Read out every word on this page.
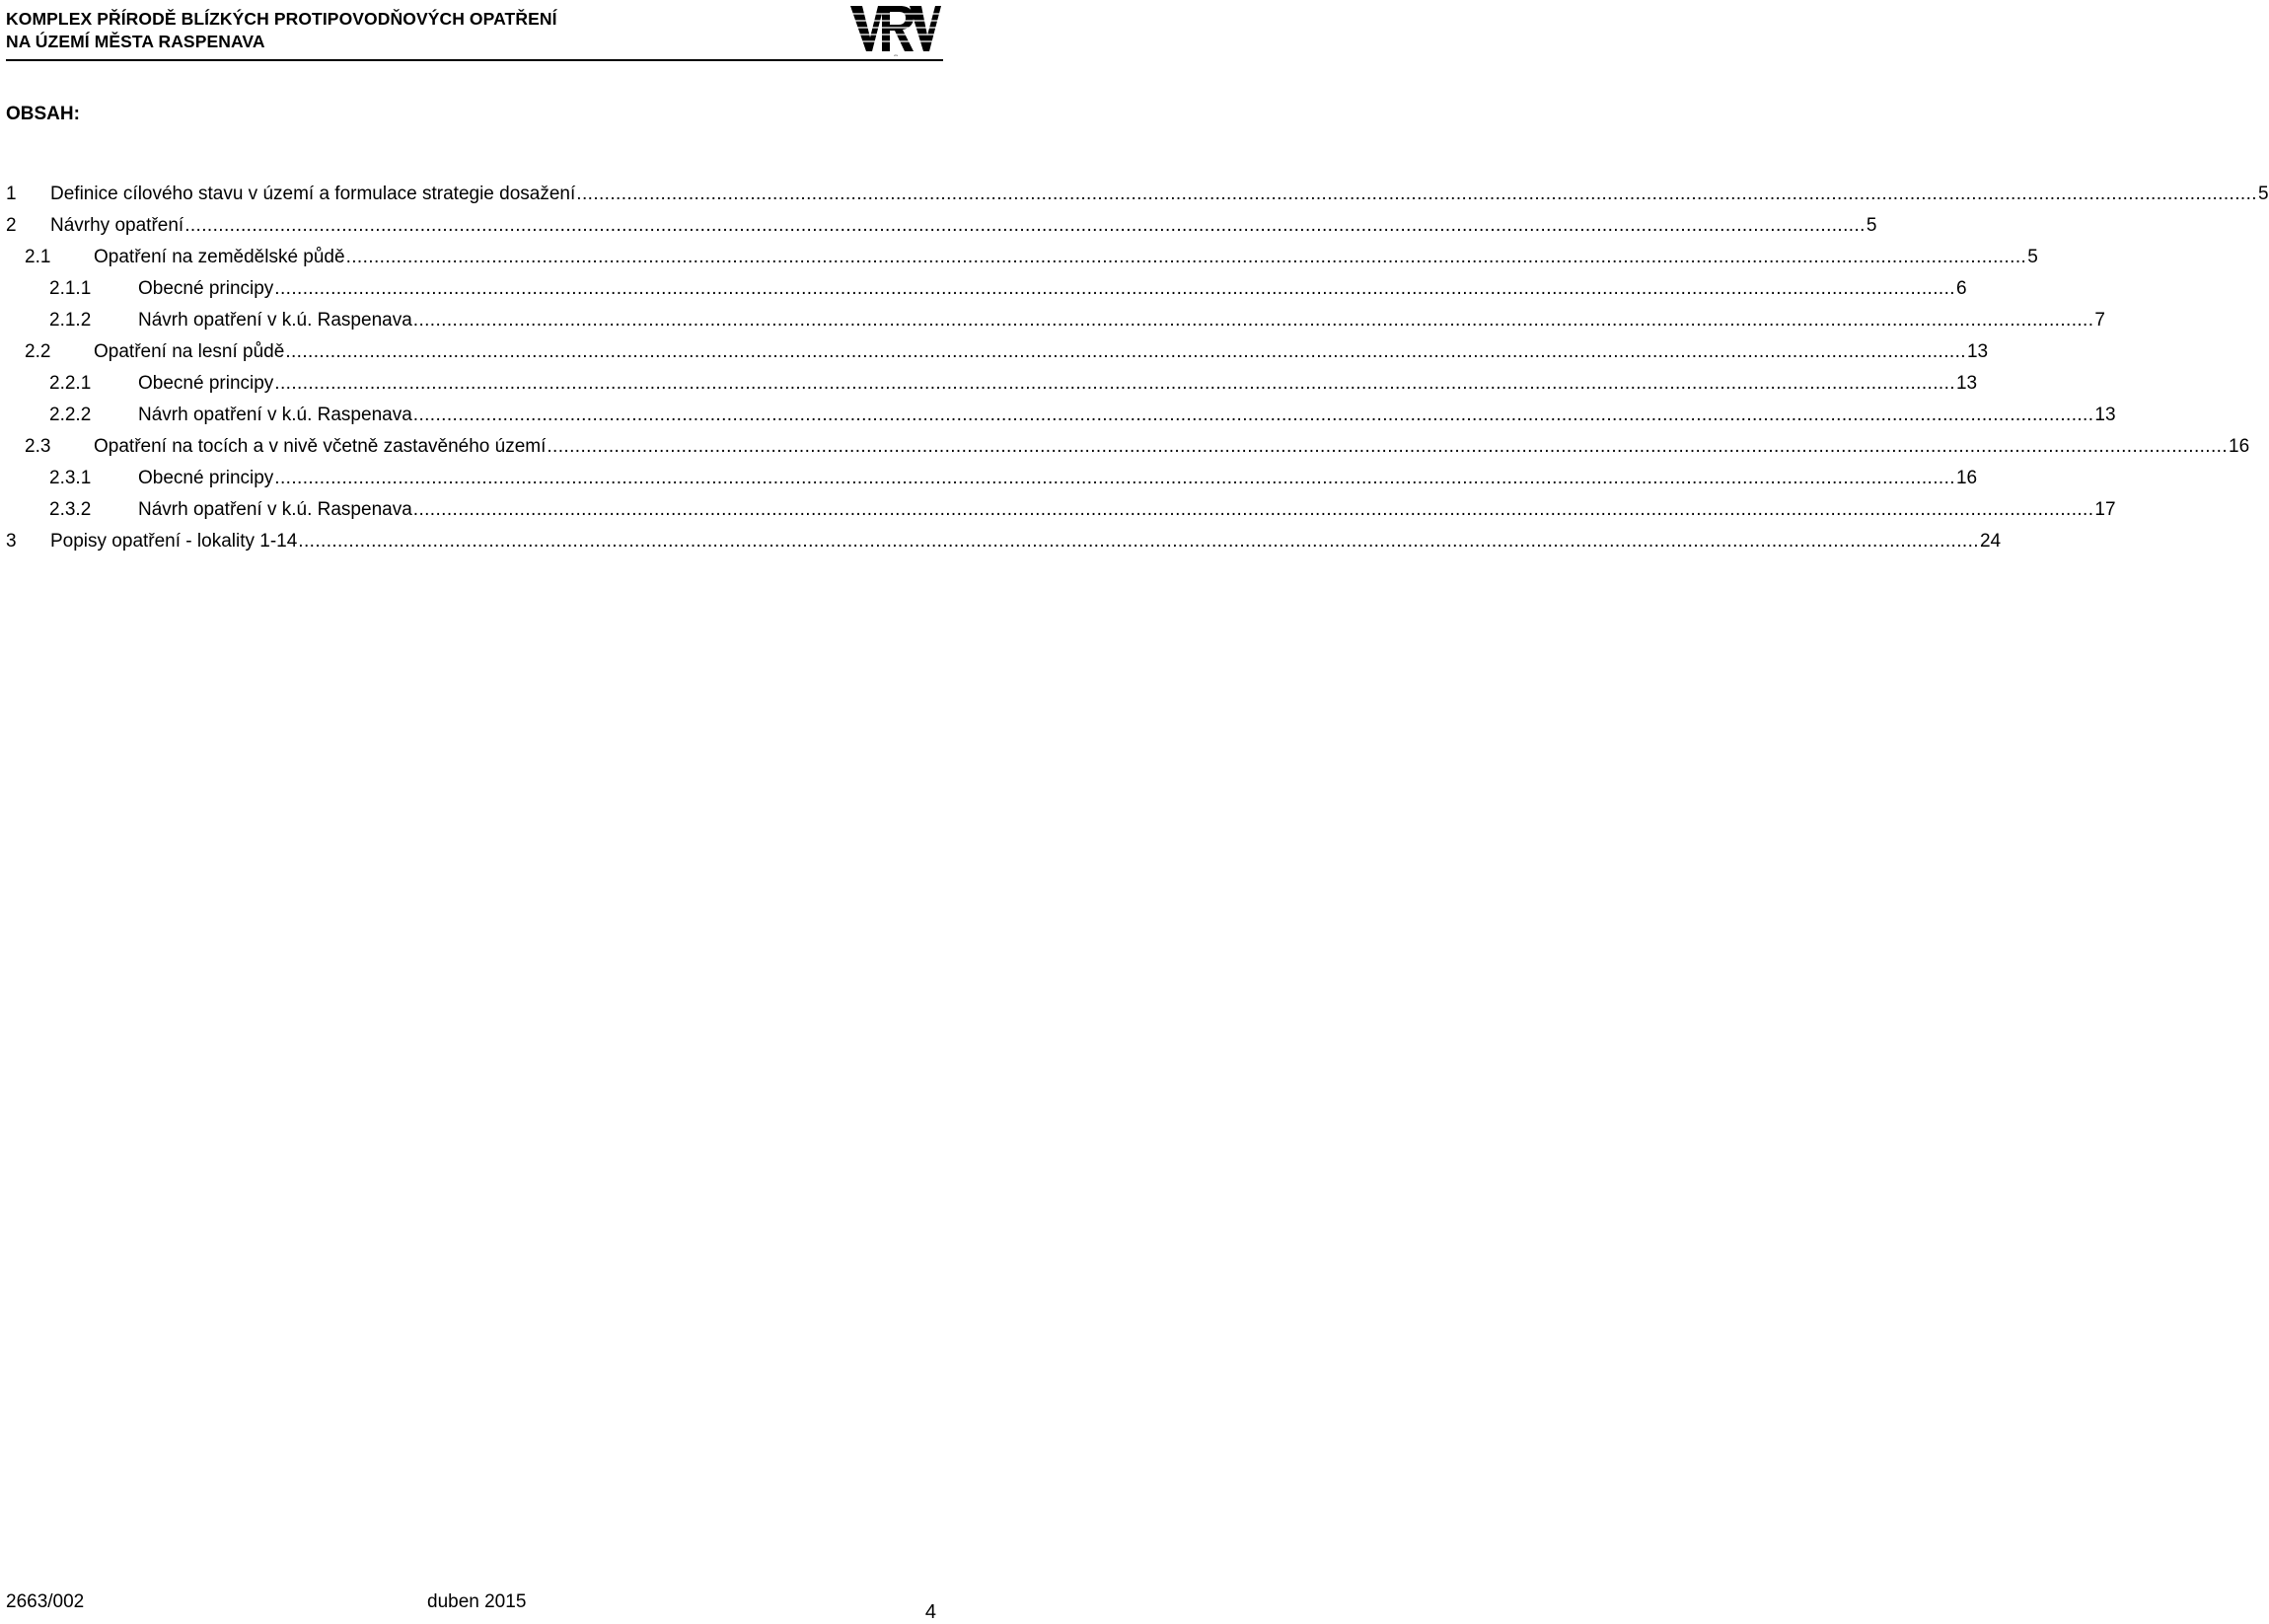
KOMPLEX PŘÍRODĚ BLÍZKÝCH PROTIPOVODŇOVÝCH OPATŘENÍ
NA ÚZEMÍ MĚSTA RASPENAVA
VRV
OBSAH:
1	Definice cílového stavu v území a formulace strategie dosažení ............................................................................................................................................................................................................................................................................................................ 5
2	Návrhy opatření ............................................................................................................................................................................................................................................................................................................ 5
2.1	Opatření na zemědělské půdě ............................................................................................................................................................................................................................................................................................................ 5
2.1.1	Obecné principy ............................................................................................................................................................................................................................................................................................................ 6
2.1.2	Návrh opatření v k.ú. Raspenava ............................................................................................................................................................................................................................................................................................................ 7
2.2	Opatření na lesní půdě ............................................................................................................................................................................................................................................................................................................ 13
2.2.1	Obecné principy ............................................................................................................................................................................................................................................................................................................ 13
2.2.2	Návrh opatření v k.ú. Raspenava ............................................................................................................................................................................................................................................................................................................ 13
2.3	Opatření na tocích a v nivě včetně zastavěného území ............................................................................................................................................................................................................................................................................................................ 16
2.3.1	Obecné principy ............................................................................................................................................................................................................................................................................................................ 16
2.3.2	Návrh opatření v k.ú. Raspenava ............................................................................................................................................................................................................................................................................................................ 17
3	Popisy opatření - lokality 1-14 ............................................................................................................................................................................................................................................................................................................ 24
2663/002	duben 2015	4
